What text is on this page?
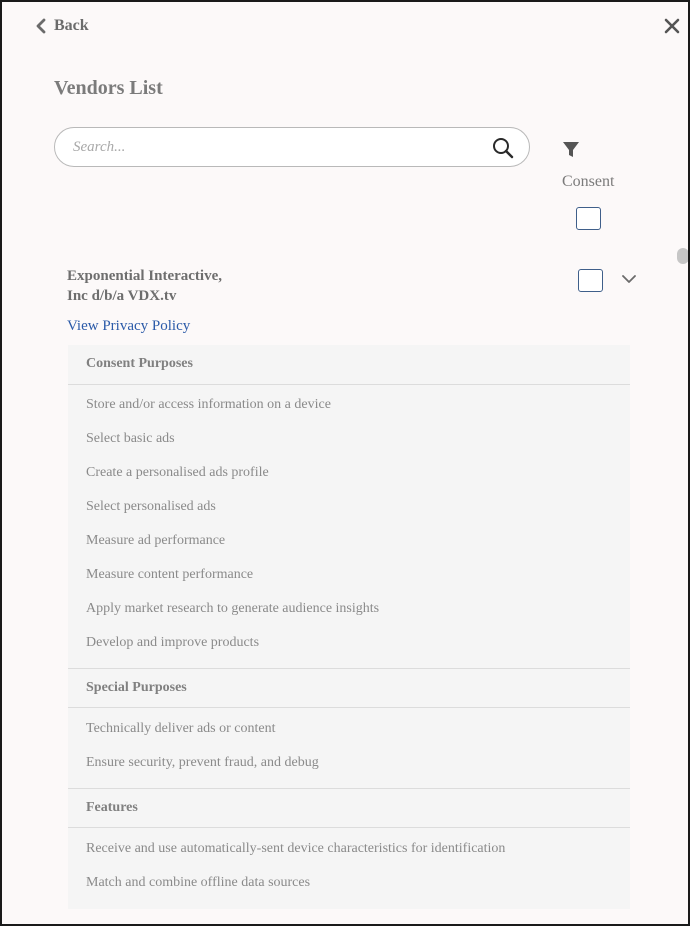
Back
Vendors List
Search...
Consent
Exponential Interactive,
Inc d/b/a VDX.tv
View Privacy Policy
Consent Purposes
Store and/or access information on a device
Select basic ads
Create a personalised ads profile
Select personalised ads
Measure ad performance
Measure content performance
Apply market research to generate audience insights
Develop and improve products
Special Purposes
Technically deliver ads or content
Ensure security, prevent fraud, and debug
Features
Receive and use automatically-sent device characteristics for identification
Match and combine offline data sources
